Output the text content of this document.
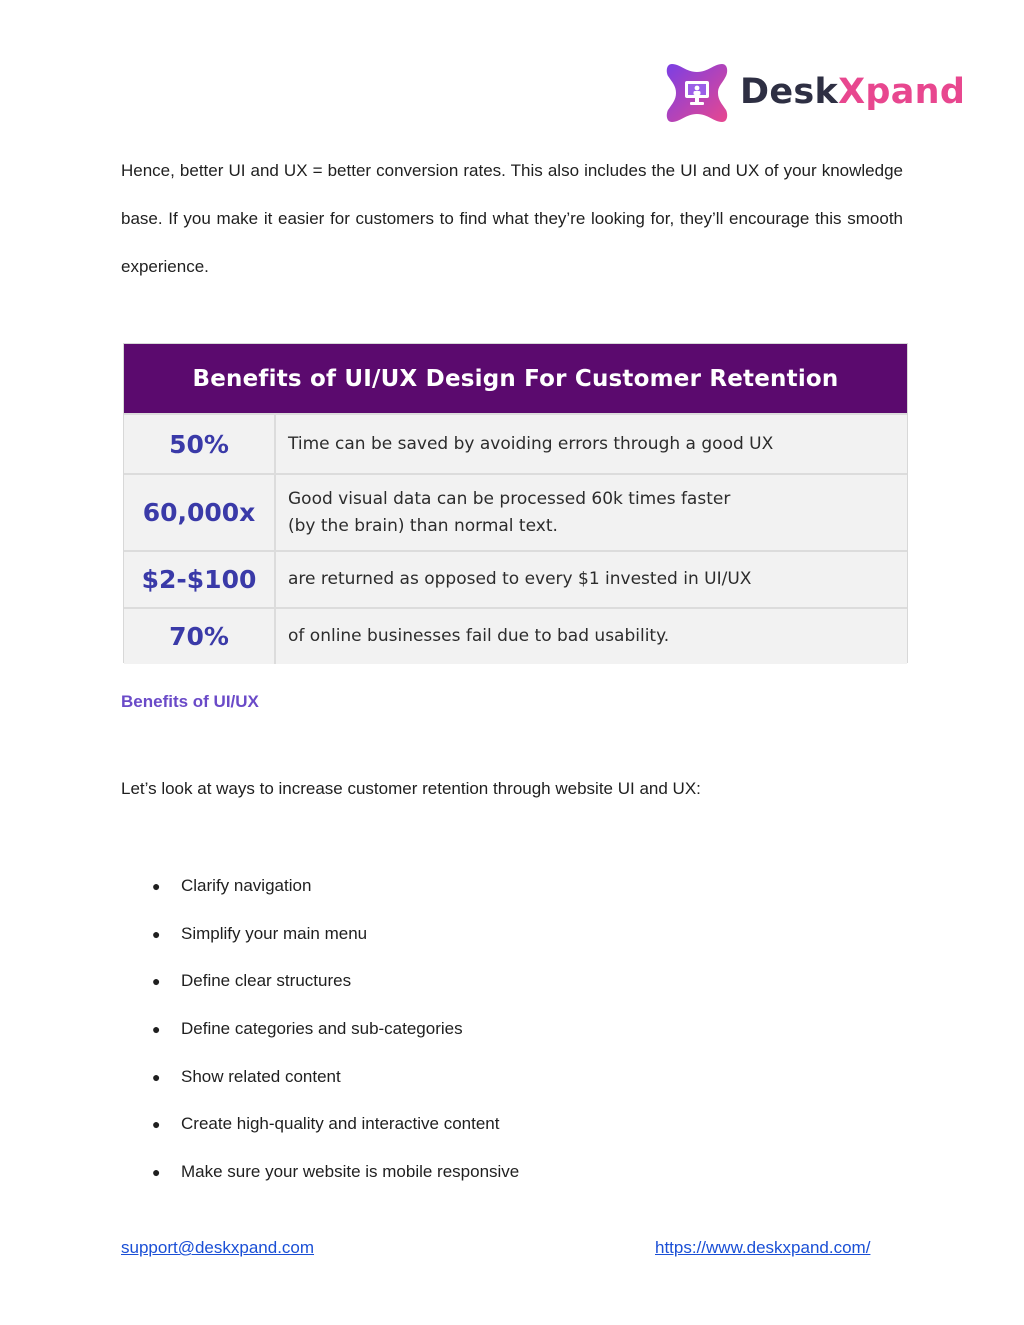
DeskXpand
Hence, better UI and UX = better conversion rates. This also includes the UI and UX of your knowledge base. If you make it easier for customers to find what they’re looking for, they’ll encourage this smooth experience.
Benefits of UI/UX Design For Customer Retention
50%	Time can be saved by avoiding errors through a good UX
60,000x	Good visual data can be processed 60k times faster
(by the brain) than normal text.
$2-$100	are returned as opposed to every $1 invested in UI/UX
70%	of online businesses fail due to bad usability.
Benefits of UI/UX
Let’s look at ways to increase customer retention through website UI and UX:
●	Clarify navigation
●	Simplify your main menu
●	Define clear structures
●	Define categories and sub-categories
●	Show related content
●	Create high-quality and interactive content
●	Make sure your website is mobile responsive
support@deskxpand.com	https://www.deskxpand.com/
